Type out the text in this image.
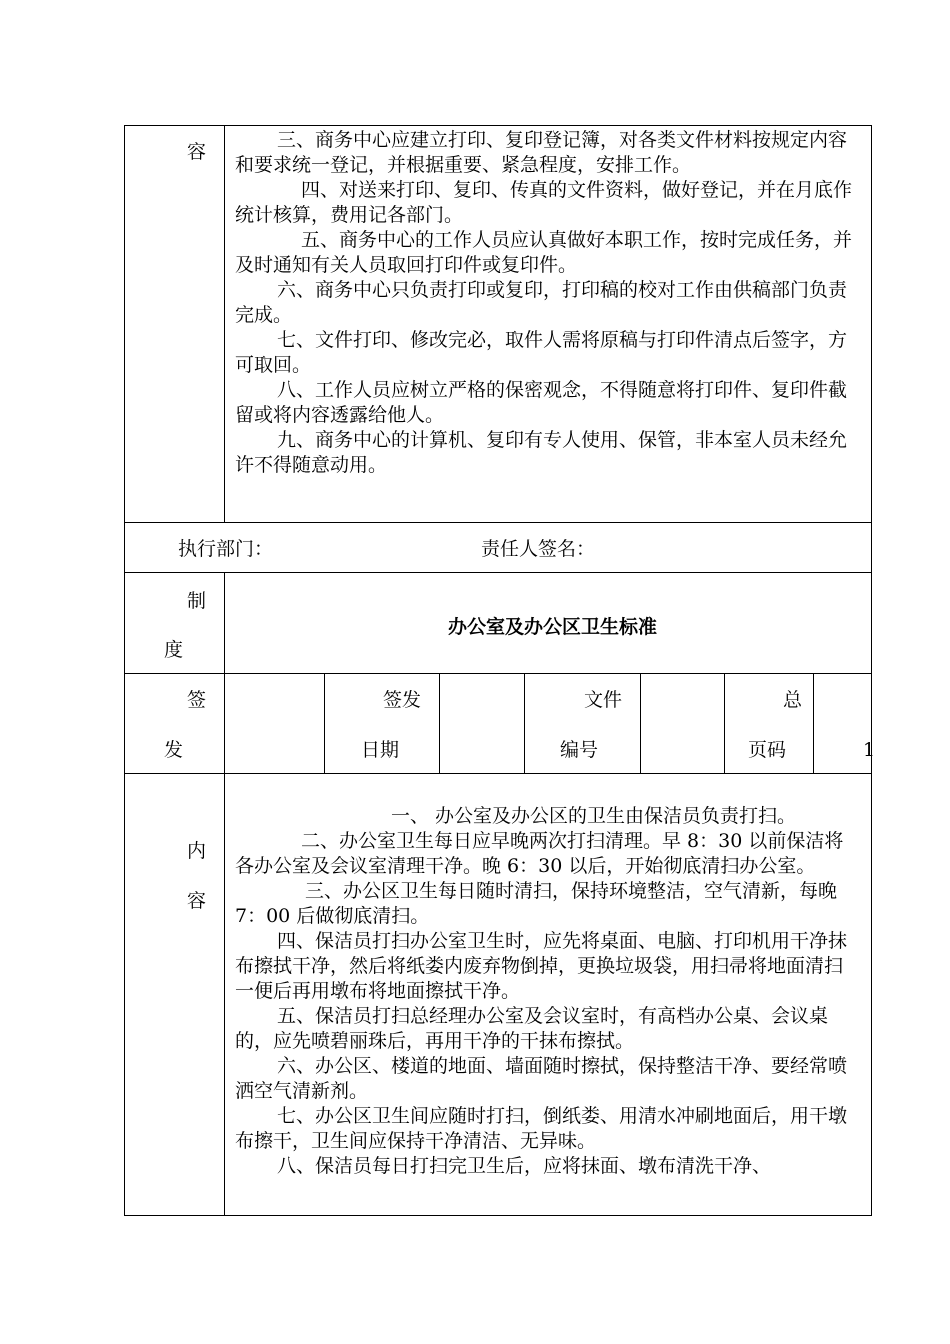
容

三、商务中心应建立打印、复印登记簿，对各类文件材料按规定内容和要求统一登记，并根据重要、紧急程度，安排工作。

四、对送来打印、复印、传真的文件资料，做好登记，并在月底作统计核算，费用记各部门。

五、商务中心的工作人员应认真做好本职工作，按时完成任务，并及时通知有关人员取回打印件或复印件。

六、商务中心只负责打印或复印，打印稿的校对工作由供稿部门负责完成。

七、文件打印、修改完必，取件人需将原稿与打印件清点后签字，方可取回。

八、工作人员应树立严格的保密观念，不得随意将打印件、复印件截留或将内容透露给他人。

九、商务中心的计算机、复印有专人使用、保管，非本室人员未经允许不得随意动用。

执行部门：	责任人签名：
制
度
办公室及办公区卫生标准
签
发
签发
日期
文件
编号
总
页码	1
内
容

一、 办公室及办公区的卫生由保洁员负责打扫。

二、办公室卫生每日应早晚两次打扫清理。早 8：30 以前保洁将各办公室及会议室清理干净。晚 6：30 以后，开始彻底清扫办公室。

三、办公区卫生每日随时清扫，保持环境整洁，空气清新，每晚 7：00 后做彻底清扫。

四、保洁员打扫办公室卫生时，应先将桌面、电脑、打印机用干净抹布擦拭干净，然后将纸娄内废弃物倒掉，更换垃圾袋，用扫帚将地面清扫一便后再用墩布将地面擦拭干净。

五、保洁员打扫总经理办公室及会议室时，有高档办公桌、会议桌的，应先喷碧丽珠后，再用干净的干抹布擦拭。

六、办公区、楼道的地面、墙面随时擦拭，保持整洁干净、要经常喷洒空气清新剂。

七、办公区卫生间应随时打扫，倒纸娄、用清水冲刷地面后，用干墩布擦干，卫生间应保持干净清洁、无异味。

八、保洁员每日打扫完卫生后，应将抹面、墩布清洗干净、
